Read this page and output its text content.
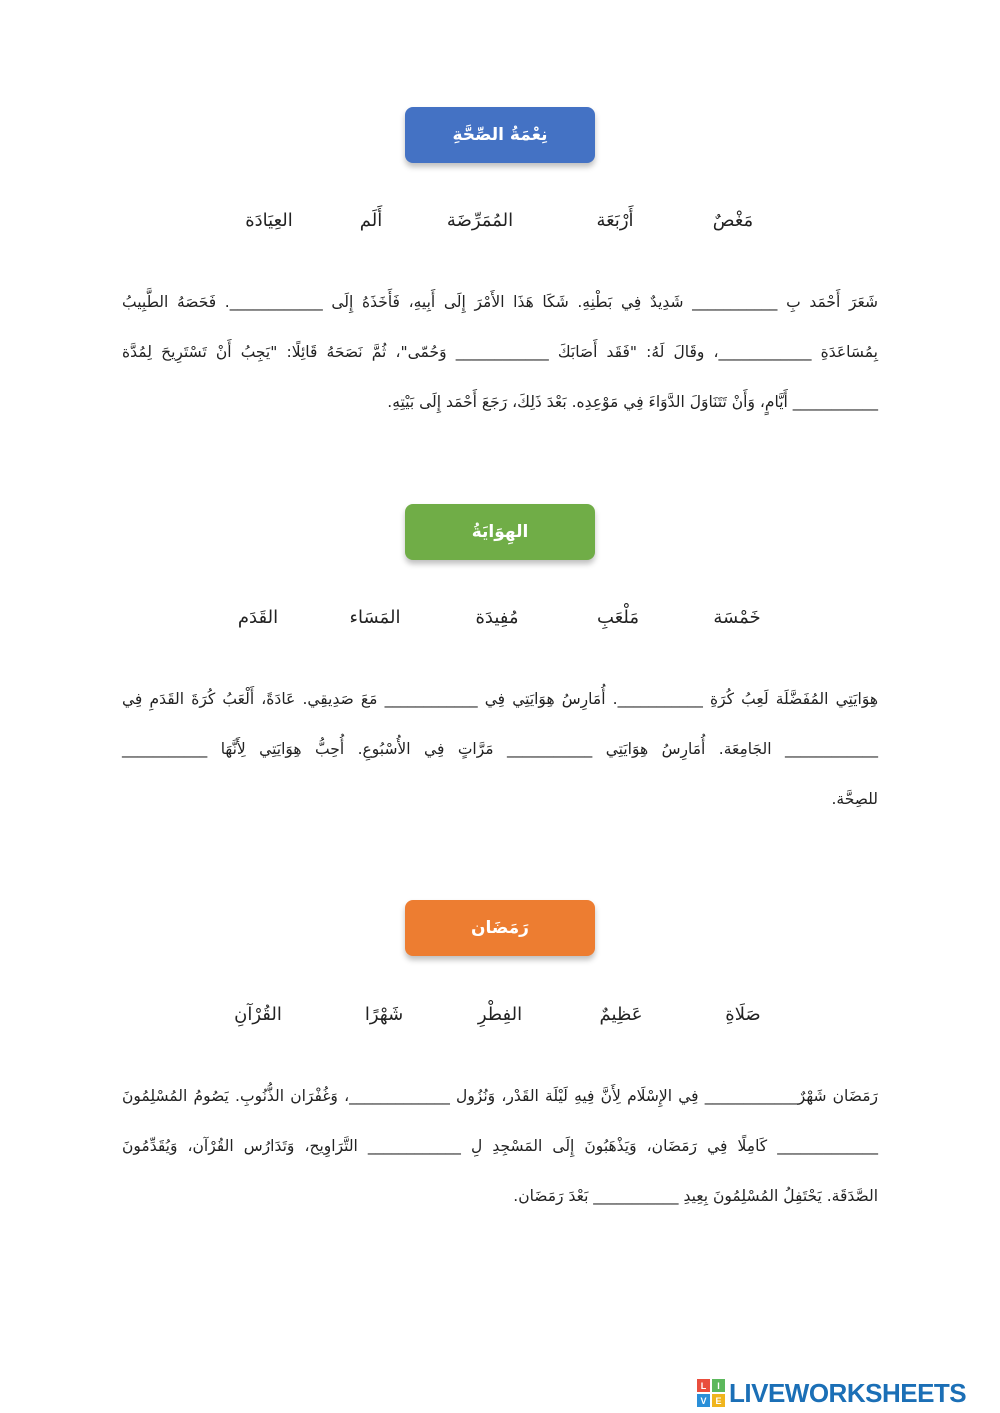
نِعْمَةُ الصِّحَّةِ
مَغْصٌ
أَرْبَعَة
المُمَرِّضَة
أَلَم
العِيَادَة
شَعَرَ أَحْمَد بِ ___________ شَدِيدٌ فِي بَطْنِهِ. شَكَا هَذَا الأَمْرَ إِلَى أَبِيهِ، فَأَخَذَهُ إِلَى ____________. فَحَصَهُ الطَّبِيبُ
بِمُسَاعَدَةِ ____________، وقَالَ لَهُ: "فَقَد أَصَابَكَ ____________ وَحُمّى"، ثُمَّ نَصَحَهُ قَائِلًا: "يَجِبُ أَنْ تَسْتَرِيحَ لِمُدَّة
___________ أَيَّامٍ، وَأَنْ تَتَنَاوَلَ الدَّوَاءَ فِي مَوْعِدِه. بَعْدَ ذَلِكَ، رَجَعَ أَحْمَد إِلَى بَيْتِهِ.
الهِوَايَةُ
خَمْسَة
مَلْعَبِ
مُفِيدَة
المَسَاء
القَدَم
هِوَايَتِي المُفَضَّلَة لَعِبُ كُرَةِ ___________. أُمَارِسُ هِوَايَتِي فِي ____________ مَعَ صَدِيقِي. عَادَةً، أَلْعَبُ كُرَةَ القَدَمِ فِي
____________ الجَامِعَة. أُمَارِسُ هِوَايَتِي ___________ مَرَّاتٍ فِي الأُسْبُوعِ. أُحِبُّ هِوَايَتِي لِأَنَّهَا ___________
للصِحَّة.
رَمَضَان
صَلَاةِ
عَظِيمٌ
الفِطْرِ
شَهْرًا
القُرْآنِ
رَمَضَان شَهْرٌ____________ فِي الإِسْلَام لِأَنَّ فِيهِ لَيْلَة القَدْر، وَنُزُول _____________، وَغُفْرَان الذُّنُوبِ. يَصُومُ المُسْلِمُونَ
_____________ كَامِلًا فِي رَمَضَان، وَيَذْهَبُونَ إِلَى المَسْجِدِ لِ ____________ التَّرَاوِيح، وَتَدَارُس القُرْآن، وَيُقَدِّمُونَ
الصَّدَقَة. يَحْتَفِلُ المُسْلِمُونَ بِعِيدِ ___________ بَعْدَ رَمَضَان.
L	I
V E LIVEWORKSHEETS
